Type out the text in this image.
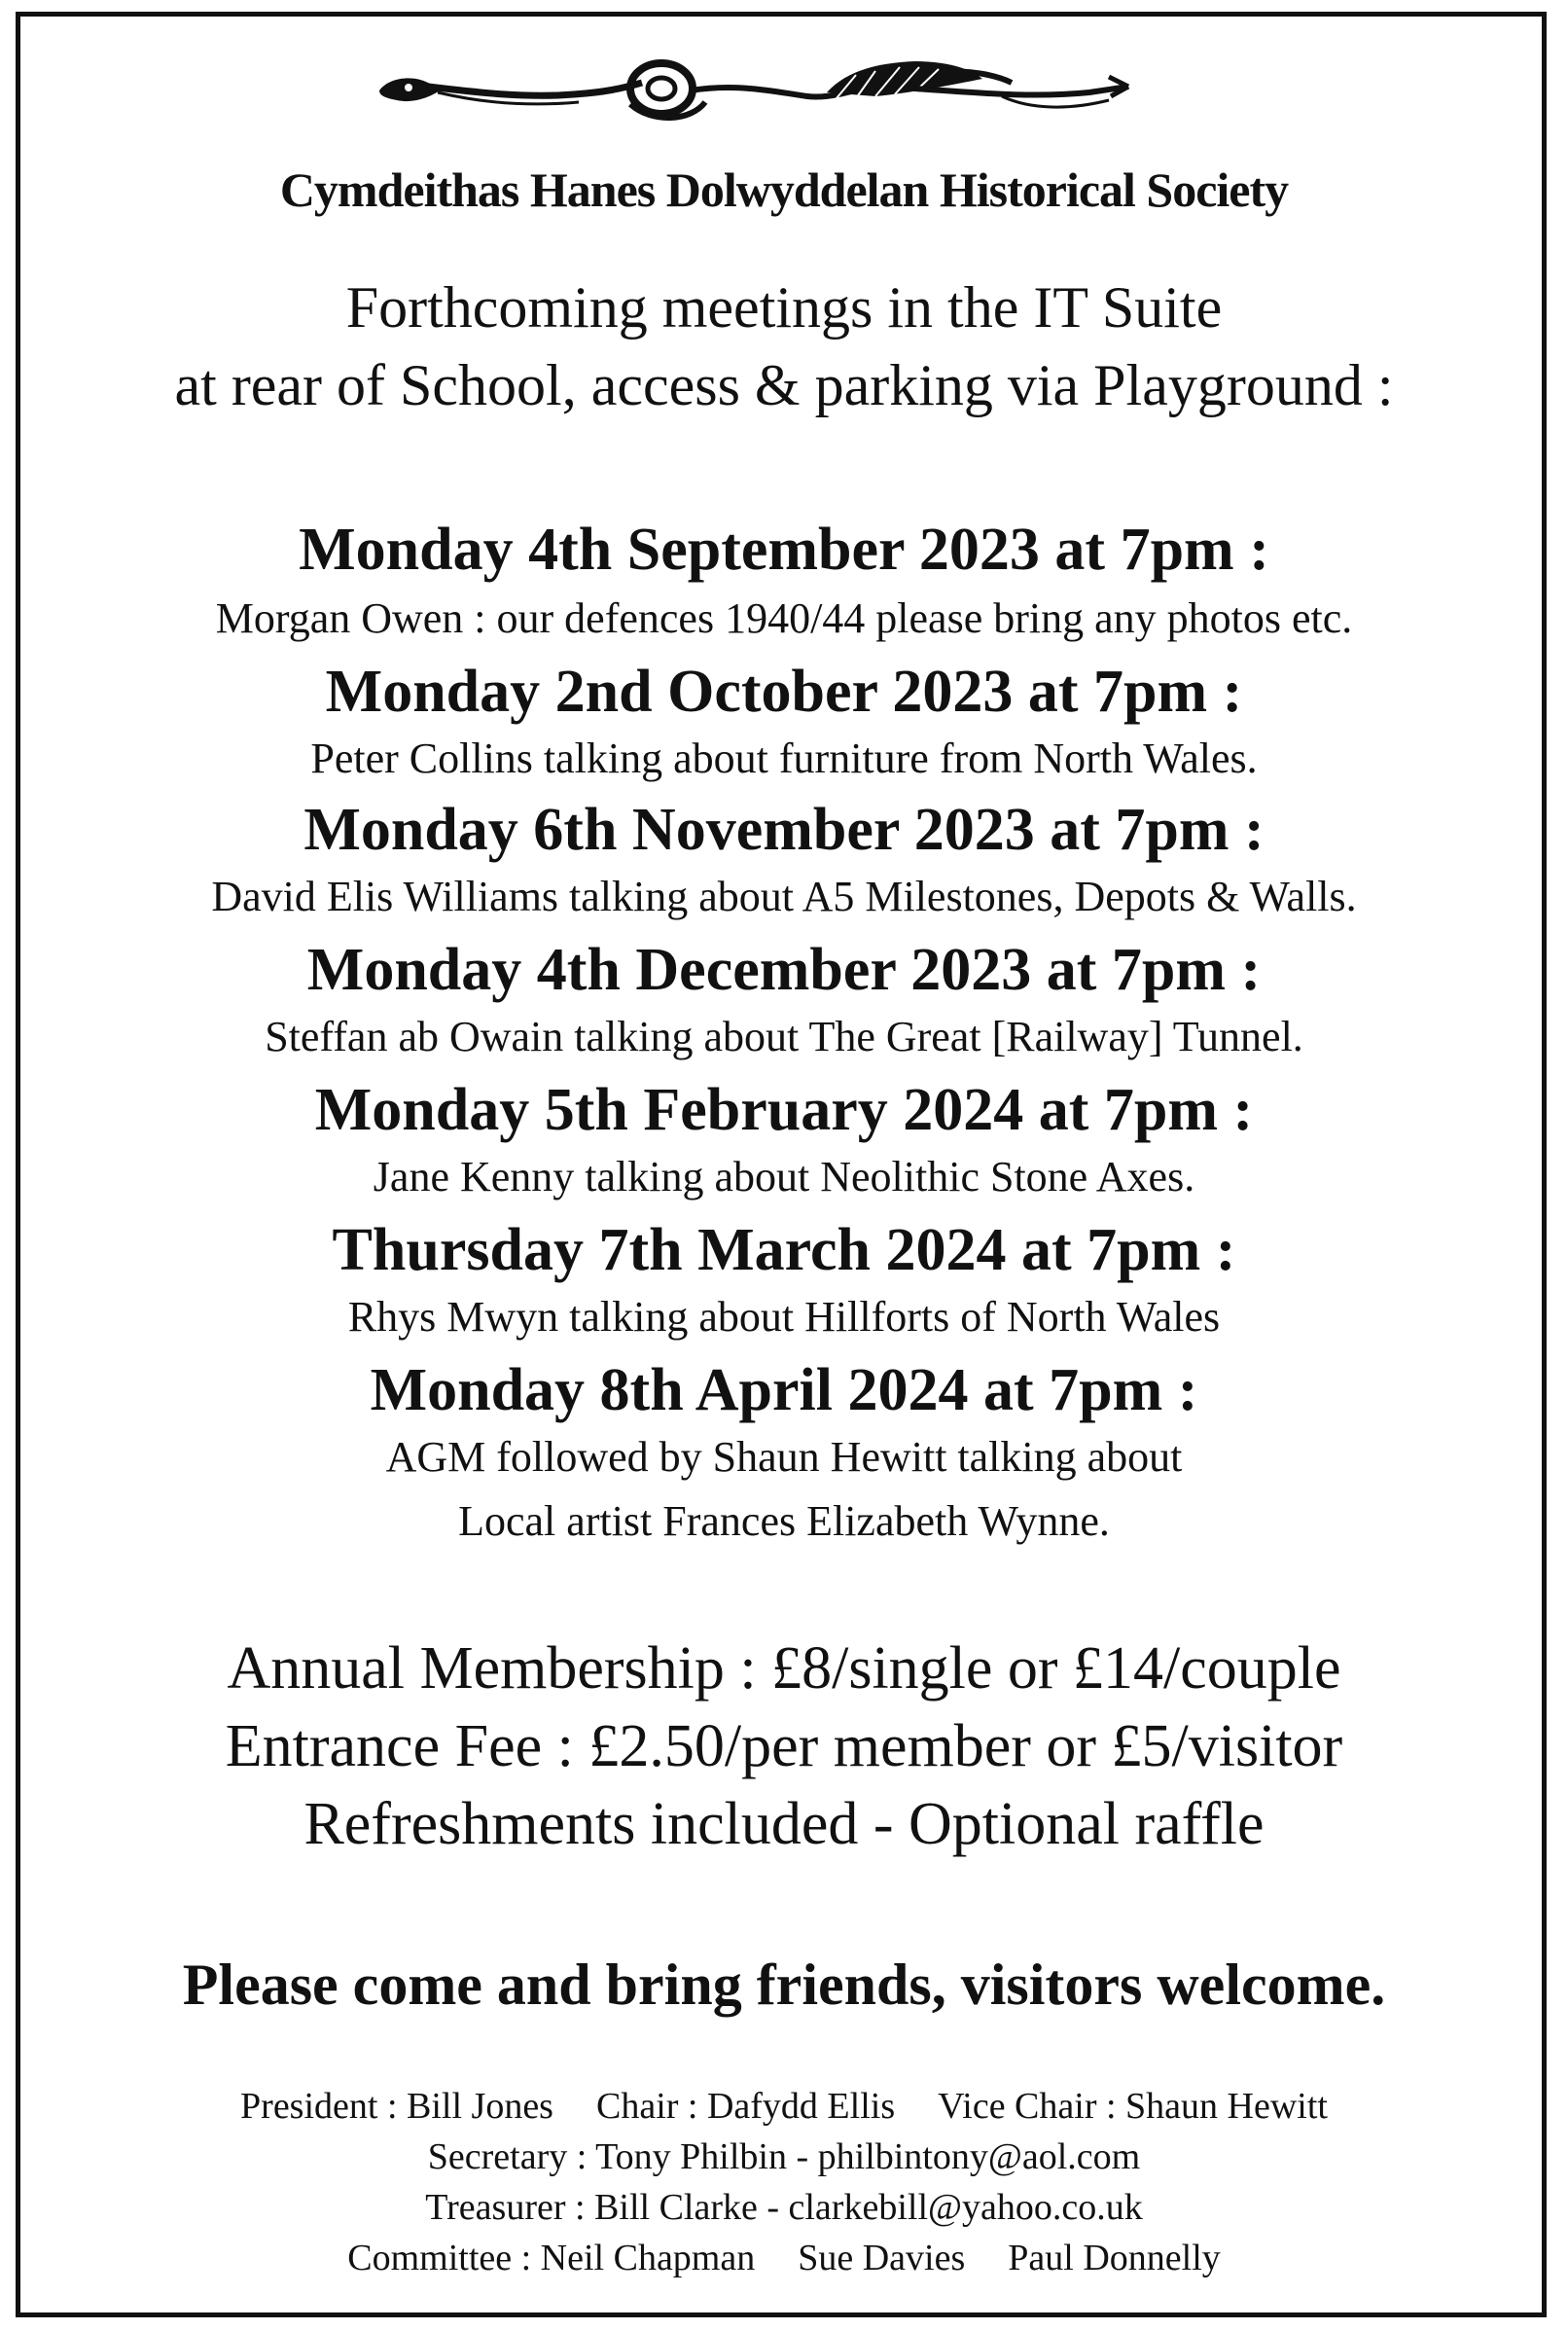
Cymdeithas Hanes Dolwyddelan Historical Society
Forthcoming meetings in the IT Suite
at rear of School, access & parking via Playground :
Monday 4th September 2023 at 7pm :
Morgan Owen : our defences 1940/44 please bring any photos etc.
Monday 2nd October 2023 at 7pm :
Peter Collins talking about furniture from North Wales.
Monday 6th November 2023 at 7pm :
David Elis Williams talking about A5 Milestones, Depots & Walls.
Monday 4th December 2023 at 7pm :
Steffan ab Owain talking about The Great [Railway] Tunnel.
Monday 5th February 2024 at 7pm :
Jane Kenny talking about Neolithic Stone Axes.
Thursday 7th March 2024 at 7pm :
Rhys Mwyn talking about Hillforts of North Wales
Monday 8th April 2024 at 7pm :
AGM followed by Shaun Hewitt talking about
Local artist Frances Elizabeth Wynne.
Annual Membership : £8/single or £14/couple
Entrance Fee : £2.50/per member or £5/visitor
Refreshments included - Optional raffle
Please come and bring friends, visitors welcome.
President : Bill Jones Chair : Dafydd Ellis Vice Chair : Shaun Hewitt
Secretary : Tony Philbin - philbintony@aol.com
Treasurer : Bill Clarke - clarkebill@yahoo.co.uk
Committee : Neil Chapman Sue Davies Paul Donnelly
